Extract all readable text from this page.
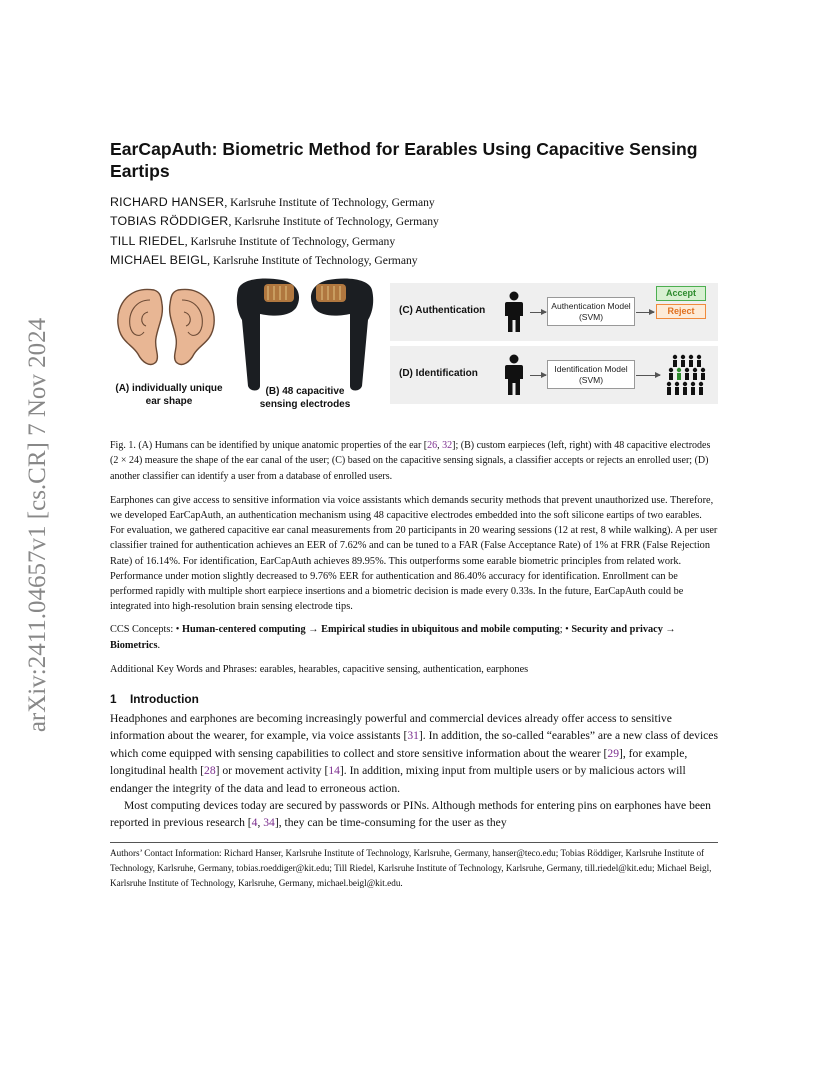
arXiv:2411.04657v1 [cs.CR] 7 Nov 2024
EarCapAuth: Biometric Method for Earables Using Capacitive Sensing Eartips
RICHARD HANSER, Karlsruhe Institute of Technology, Germany
TOBIAS RÖDDIGER, Karlsruhe Institute of Technology, Germany
TILL RIEDEL, Karlsruhe Institute of Technology, Germany
MICHAEL BEIGL, Karlsruhe Institute of Technology, Germany
(A) individually unique ear shape
(B) 48 capacitive sensing electrodes
(C) Authentication	Authentication Model (SVM)
Accept
Reject
(D) Identification	Identification Model (SVM)

Fig. 1. (A) Humans can be identified by unique anatomic properties of the ear [26, 32]; (B) custom earpieces (left, right) with 48 capacitive electrodes (2 × 24) measure the shape of the ear canal of the user; (C) based on the capacitive sensing signals, a classifier accepts or rejects an enrolled user; (D) another classifier can identify a user from a database of enrolled users.

Earphones can give access to sensitive information via voice assistants which demands security methods that prevent unauthorized use. Therefore, we developed EarCapAuth, an authentication mechanism using 48 capacitive electrodes embedded into the soft silicone eartips of two earables. For evaluation, we gathered capacitive ear canal measurements from 20 participants in 20 wearing sessions (12 at rest, 8 while walking). A per user classifier trained for authentication achieves an EER of 7.62% and can be tuned to a FAR (False Acceptance Rate) of 1% at FRR (False Rejection Rate) of 16.14%. For identification, EarCapAuth achieves 89.95%. This outperforms some earable biometric principles from related work. Performance under motion slightly decreased to 9.76% EER for authentication and 86.40% accuracy for identification. Enrollment can be performed rapidly with multiple short earpiece insertions and a biometric decision is made every 0.33s. In the future, EarCapAuth could be integrated into high-resolution brain sensing electrode tips.

CCS Concepts: • Human-centered computing → Empirical studies in ubiquitous and mobile computing; • Security and privacy → Biometrics.

Additional Key Words and Phrases: earables, hearables, capacitive sensing, authentication, earphones

1 Introduction

Headphones and earphones are becoming increasingly powerful and commercial devices already offer access to sensitive information about the wearer, for example, via voice assistants [31]. In addition, the so-called “earables” are a new class of devices which come equipped with sensing capabilities to collect and store sensitive information about the wearer [29], for example, longitudinal health [28] or movement activity [14]. In addition, mixing input from multiple users or by malicious actors will endanger the integrity of the data and lead to erroneous action.

Most computing devices today are secured by passwords or PINs. Although methods for entering pins on earphones have been reported in previous research [4, 34], they can be time-consuming for the user as they

Authors’ Contact Information: Richard Hanser, Karlsruhe Institute of Technology, Karlsruhe, Germany, hanser@teco.edu; Tobias Röddiger, Karlsruhe Institute of Technology, Karlsruhe, Germany, tobias.roeddiger@kit.edu; Till Riedel, Karlsruhe Institute of Technology, Karlsruhe, Germany, till.riedel@kit.edu; Michael Beigl, Karlsruhe Institute of Technology, Karlsruhe, Germany, michael.beigl@kit.edu.
